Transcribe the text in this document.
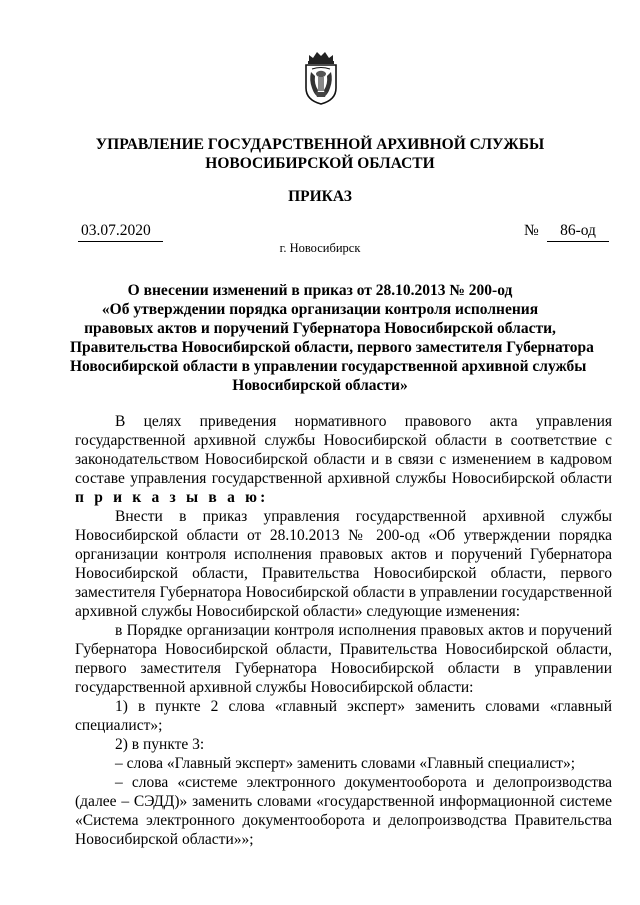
УПРАВЛЕНИЕ ГОСУДАРСТВЕННОЙ АРХИВНОЙ СЛУЖБЫ
НОВОСИБИРСКОЙ ОБЛАСТИ
ПРИКАЗ
03.07.2020	№	86-од
г. Новосибирск
О внесении изменений в приказ от 28.10.2013 № 200-од
«Об утверждении порядка организации контроля исполнения
правовых актов и поручений Губернатора Новосибирской области,
Правительства Новосибирской области, первого заместителя Губернатора
Новосибирской области в управлении государственной архивной службы
Новосибирской области»

В целях приведения нормативного правового акта управления государственной архивной службы Новосибирской области в соответствие с законодательством Новосибирской области и в связи с изменением в кадровом составе управления государственной архивной службы Новосибирской области

п р и к а з ы в а ю:

Внести в приказ управления государственной архивной службы Новосибирской области от 28.10.2013 № 200-од «Об утверждении порядка организации контроля исполнения правовых актов и поручений Губернатора Новосибирской области, Правительства Новосибирской области, первого заместителя Губернатора Новосибирской области в управлении государственной архивной службы Новосибирской области» следующие изменения:

в Порядке организации контроля исполнения правовых актов и поручений Губернатора Новосибирской области, Правительства Новосибирской области, первого заместителя Губернатора Новосибирской области в управлении государственной архивной службы Новосибирской области:

1) в пункте 2 слова «главный эксперт» заменить словами «главный специалист»;

2) в пункте 3:

– слова «Главный эксперт» заменить словами «Главный специалист»;

– слова «системе электронного документооборота и делопроизводства (далее – СЭДД)» заменить словами «государственной информационной системе «Система электронного документооборота и делопроизводства Правительства Новосибирской области»»;
